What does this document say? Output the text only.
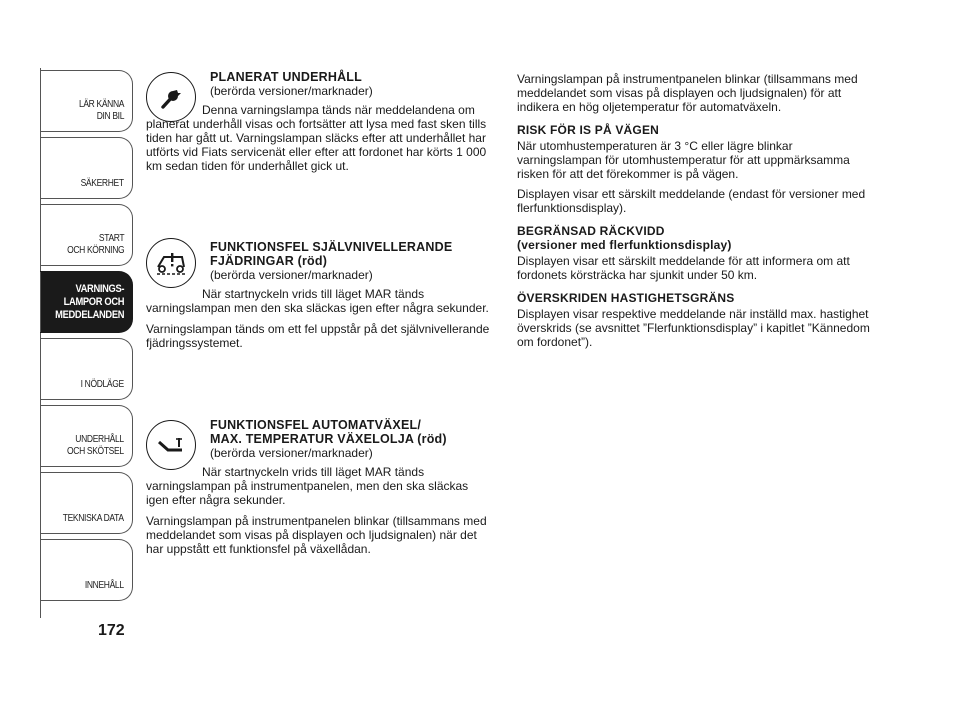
LÄR KÄNNA
DIN BIL
SÄKERHET
START
OCH KÖRNING
VARNINGS-
LAMPOR OCH
MEDDELANDEN
I NÖDLÄGE
UNDERHÅLL
OCH SKÖTSEL
TEKNISKA DATA
INNEHÅLL
172
PLANERAT UNDERHÅLL
(berörda versioner/marknader)

Denna varningslampa tänds när meddelandena om planerat underhåll visas och fortsätter att lysa med fast sken tills tiden har gått ut. Varningslampan släcks efter att underhållet har utförts vid Fiats servicenät eller efter att fordonet har körts 1 000 km sedan tiden för underhållet gick ut.

FUNKTIONSFEL SJÄLVNIVELLERANDE
FJÄDRINGAR (röd)
(berörda versioner/marknader)

När startnyckeln vrids till läget MAR tänds varningslampan men den ska släckas igen efter några sekunder.

Varningslampan tänds om ett fel uppstår på det självnivellerande fjädringssystemet.

FUNKTIONSFEL AUTOMATVÄXEL/
MAX. TEMPERATUR VÄXELOLJA (röd)
(berörda versioner/marknader)

När startnyckeln vrids till läget MAR tänds varningslampan på instrumentpanelen, men den ska släckas igen efter några sekunder.

Varningslampan på instrumentpanelen blinkar (tillsammans med meddelandet som visas på displayen och ljudsignalen) när det har uppstått ett funktionsfel på växellådan.

Varningslampan på instrumentpanelen blinkar (tillsammans med meddelandet som visas på displayen och ljudsignalen) för att indikera en hög oljetemperatur för automatväxeln.

RISK FÖR IS PÅ VÄGEN

När utomhustemperaturen är 3 °C eller lägre blinkar varningslampan för utomhustemperatur för att uppmärksamma risken för att det förekommer is på vägen.

Displayen visar ett särskilt meddelande (endast för versioner med flerfunktionsdisplay).

BEGRÄNSAD RÄCKVIDD
(versioner med flerfunktionsdisplay)

Displayen visar ett särskilt meddelande för att informera om att fordonets körsträcka har sjunkit under 50 km.

ÖVERSKRIDEN HASTIGHETSGRÄNS

Displayen visar respektive meddelande när inställd max. hastighet överskrids (se avsnittet ”Flerfunktionsdisplay” i kapitlet ”Kännedom om fordonet”).
